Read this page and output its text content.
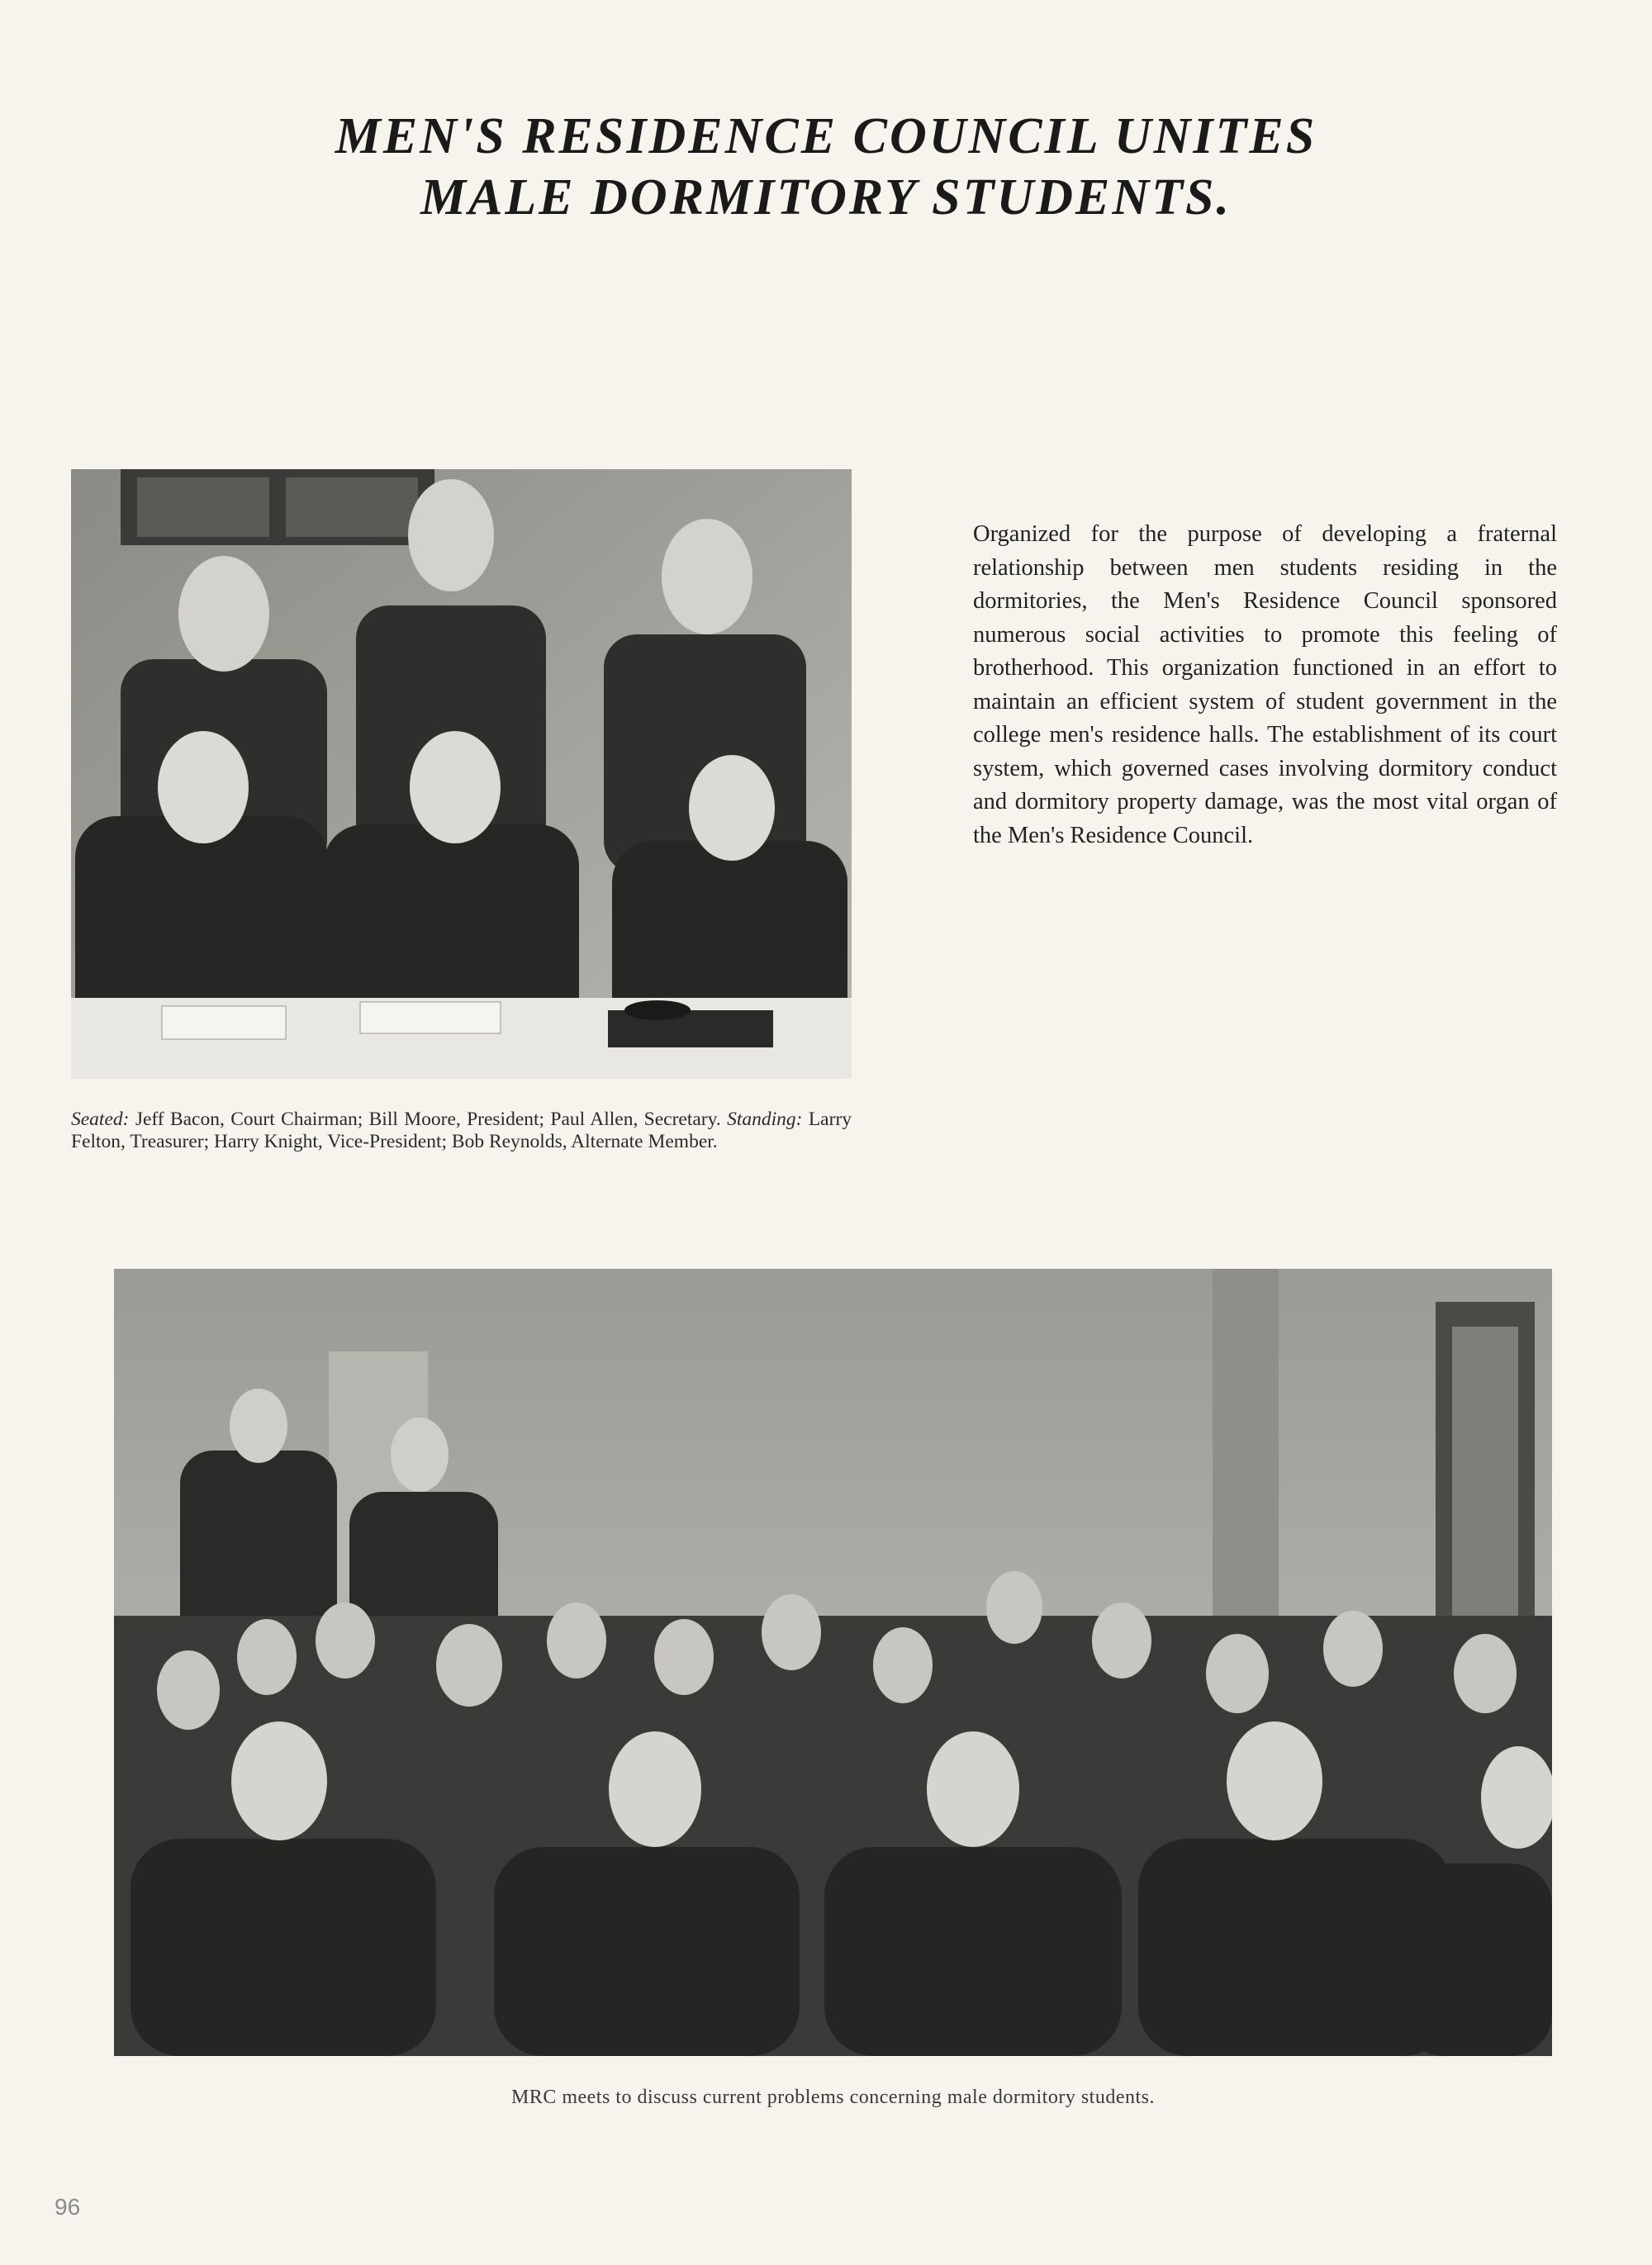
MEN'S RESIDENCE COUNCIL UNITES
MALE DORMITORY STUDENTS.

Organized for the purpose of developing a fraternal relationship between men students residing in the dormitories, the Men's Residence Council sponsored numerous social activities to promote this feeling of brotherhood. This organization functioned in an effort to maintain an efficient system of student government in the college men's residence halls. The establishment of its court system, which governed cases involving dormitory conduct and dormitory property damage, was the most vital organ of the Men's Residence Council.

Seated: Jeff Bacon, Court Chairman; Bill Moore, President; Paul Allen, Secretary. Standing: Larry Felton, Treasurer; Harry Knight, Vice-President; Bob Reynolds, Alternate Member.

MRC meets to discuss current problems concerning male dormitory students.

96
